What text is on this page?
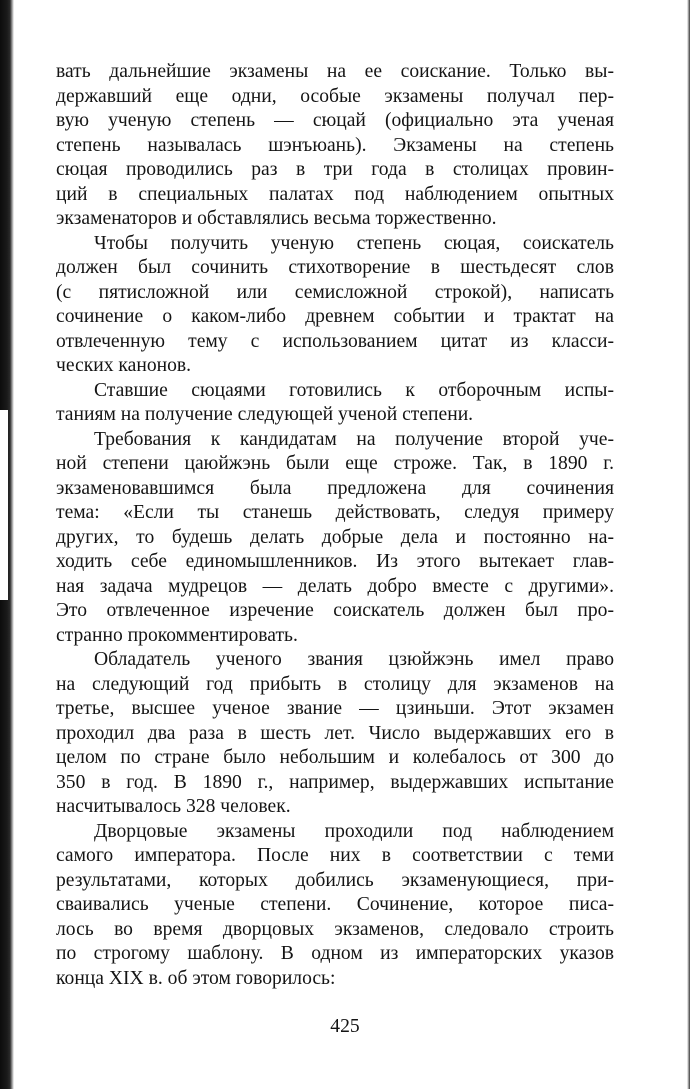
вать дальнейшие экзамены на ее соискание. Только вы-
державший еще одни, особые экзамены получал пер-
вую ученую степень — сюцай (официально эта ученая
степень называлась шэнъюань). Экзамены на степень
сюцая проводились раз в три года в столицах провин-
ций в специальных палатах под наблюдением опытных
экзаменаторов и обставлялись весьма торжественно.
Чтобы получить ученую степень сюцая, соискатель
должен был сочинить стихотворение в шестьдесят слов
(с пятисложной или семисложной строкой), написать
сочинение о каком-либо древнем событии и трактат на
отвлеченную тему с использованием цитат из класси-
ческих канонов.
Ставшие сюцаями готовились к отборочным испы-
таниям на получение следующей ученой степени.
Требования к кандидатам на получение второй уче-
ной степени цаюйжэнь были еще строже. Так, в 1890 г.
экзаменовавшимся была предложена для сочинения
тема: «Если ты станешь действовать, следуя примеру
других, то будешь делать добрые дела и постоянно на-
ходить себе единомышленников. Из этого вытекает глав-
ная задача мудрецов — делать добро вместе с другими».
Это отвлеченное изречение соискатель должен был про-
странно прокомментировать.
Обладатель ученого звания цзюйжэнь имел право
на следующий год прибыть в столицу для экзаменов на
третье, высшее ученое звание — цзиньши. Этот экзамен
проходил два раза в шесть лет. Число выдержавших его в
целом по стране было небольшим и колебалось от 300 до
350 в год. В 1890 г., например, выдержавших испытание
насчитывалось 328 человек.
Дворцовые экзамены проходили под наблюдением
самого императора. После них в соответствии с теми
результатами, которых добились экзаменующиеся, при-
сваивались ученые степени. Сочинение, которое писа-
лось во время дворцовых экзаменов, следовало строить
по строгому шаблону. В одном из императорских указов
конца XIX в. об этом говорилось:
425
